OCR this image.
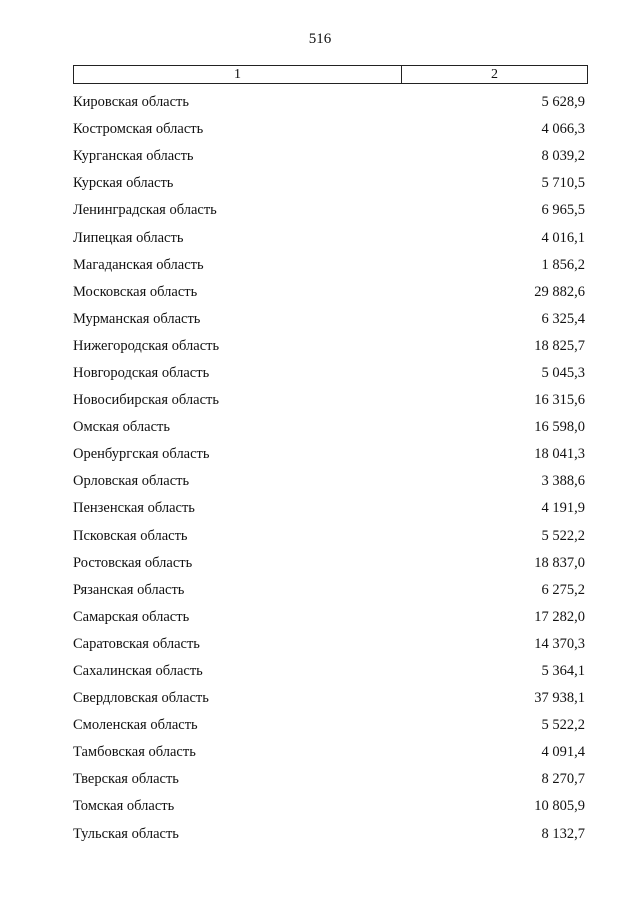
516
1	2
Кировская область	5 628,9
Костромская область	4 066,3
Курганская область	8 039,2
Курская область	5 710,5
Ленинградская область	6 965,5
Липецкая область	4 016,1
Магаданская область	1 856,2
Московская область	29 882,6
Мурманская область	6 325,4
Нижегородская область	18 825,7
Новгородская область	5 045,3
Новосибирская область	16 315,6
Омская область	16 598,0
Оренбургская область	18 041,3
Орловская область	3 388,6
Пензенская область	4 191,9
Псковская область	5 522,2
Ростовская область	18 837,0
Рязанская область	6 275,2
Самарская область	17 282,0
Саратовская область	14 370,3
Сахалинская область	5 364,1
Свердловская область	37 938,1
Смоленская область	5 522,2
Тамбовская область	4 091,4
Тверская область	8 270,7
Томская область	10 805,9
Тульская область	8 132,7
